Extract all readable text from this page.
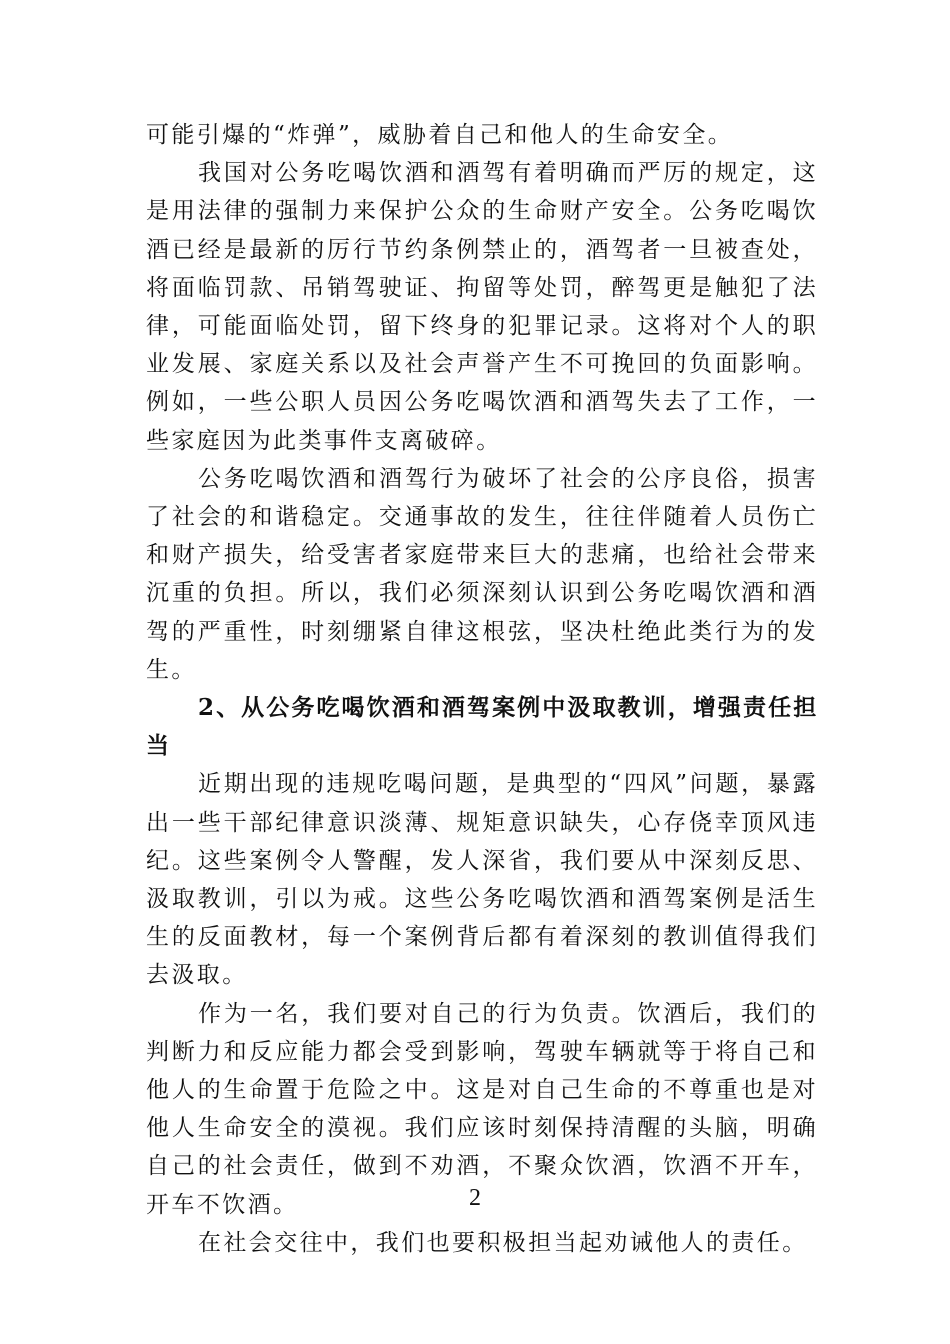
可能引爆的“炸弹”，威胁着自己和他人的生命安全。

我国对公务吃喝饮酒和酒驾有着明确而严厉的规定，这是用法律的强制力来保护公众的生命财产安全。公务吃喝饮酒已经是最新的厉行节约条例禁止的，酒驾者一旦被查处，将面临罚款、吊销驾驶证、拘留等处罚，醉驾更是触犯了法律，可能面临处罚，留下终身的犯罪记录。这将对个人的职业发展、家庭关系以及社会声誉产生不可挽回的负面影响。例如，一些公职人员因公务吃喝饮酒和酒驾失去了工作，一些家庭因为此类事件支离破碎。

公务吃喝饮酒和酒驾行为破坏了社会的公序良俗，损害了社会的和谐稳定。交通事故的发生，往往伴随着人员伤亡和财产损失，给受害者家庭带来巨大的悲痛，也给社会带来沉重的负担。所以，我们必须深刻认识到公务吃喝饮酒和酒驾的严重性，时刻绷紧自律这根弦，坚决杜绝此类行为的发生。

2、从公务吃喝饮酒和酒驾案例中汲取教训，增强责任担当

近期出现的违规吃喝问题，是典型的“四风”问题，暴露出一些干部纪律意识淡薄、规矩意识缺失，心存侥幸顶风违纪。这些案例令人警醒，发人深省，我们要从中深刻反思、汲取教训，引以为戒。这些公务吃喝饮酒和酒驾案例是活生生的反面教材，每一个案例背后都有着深刻的教训值得我们去汲取。

作为一名，我们要对自己的行为负责。饮酒后，我们的判断力和反应能力都会受到影响，驾驶车辆就等于将自己和他人的生命置于危险之中。这是对自己生命的不尊重也是对他人生命安全的漠视。我们应该时刻保持清醒的头脑，明确自己的社会责任，做到不劝酒，不聚众饮酒，饮酒不开车，开车不饮酒。

在社会交往中，我们也要积极担当起劝诫他人的责任。

2
